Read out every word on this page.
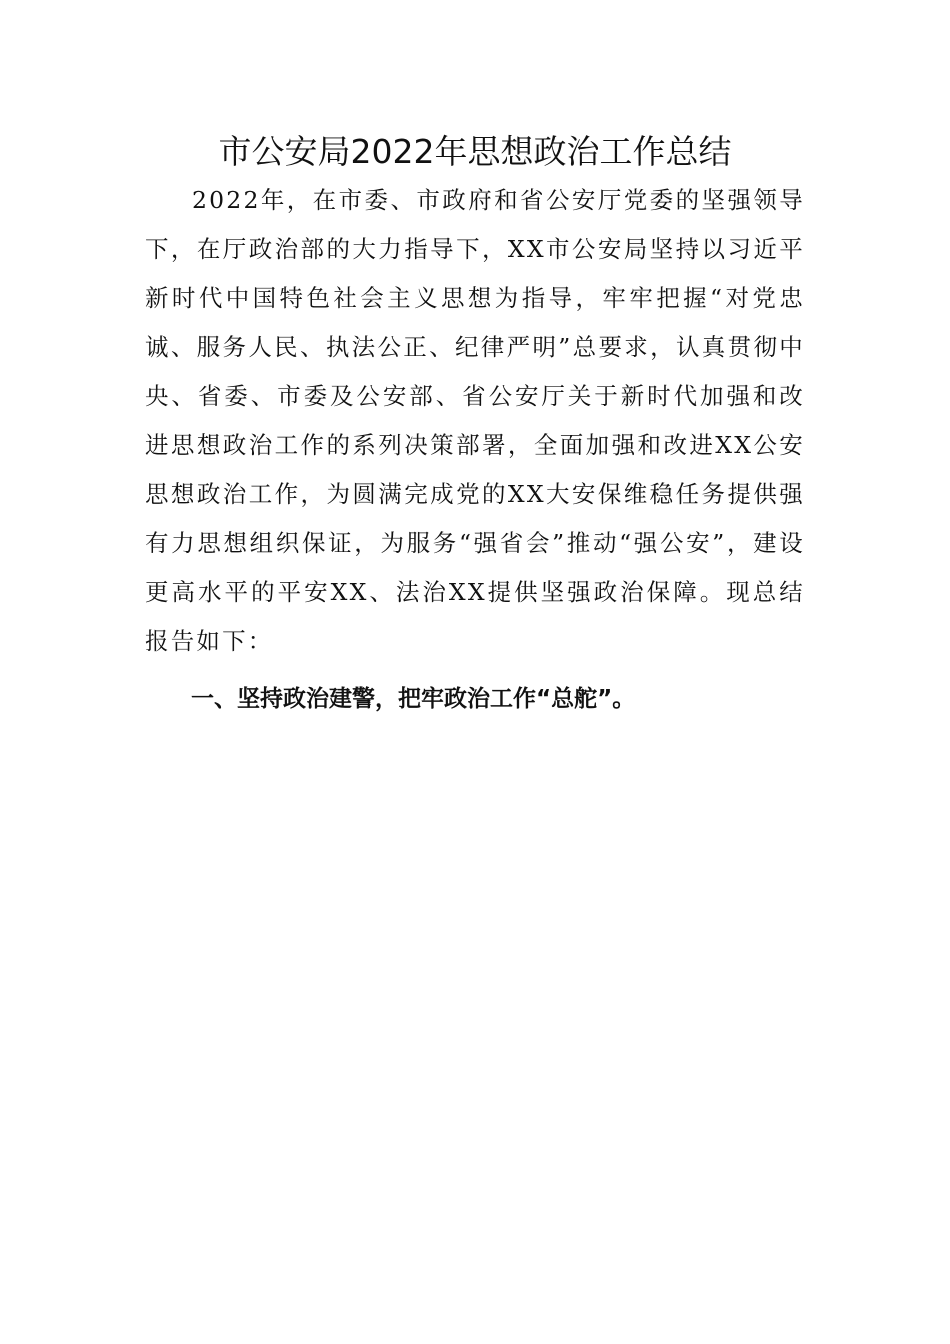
市公安局2022年思想政治工作总结

2022年，在市委、市政府和省公安厅党委的坚强领导下，在厅政治部的大力指导下，XX市公安局坚持以习近平新时代中国特色社会主义思想为指导，牢牢把握“对党忠诚、服务人民、执法公正、纪律严明”总要求，认真贯彻中央、省委、市委及公安部、省公安厅关于新时代加强和改进思想政治工作的系列决策部署，全面加强和改进XX公安思想政治工作，为圆满完成党的XX大安保维稳任务提供强有力思想组织保证，为服务“强省会”推动“强公安”，建设更高水平的平安XX、法治XX提供坚强政治保障。现总结报告如下：

一、坚持政治建警，把牢政治工作“总舵”。
